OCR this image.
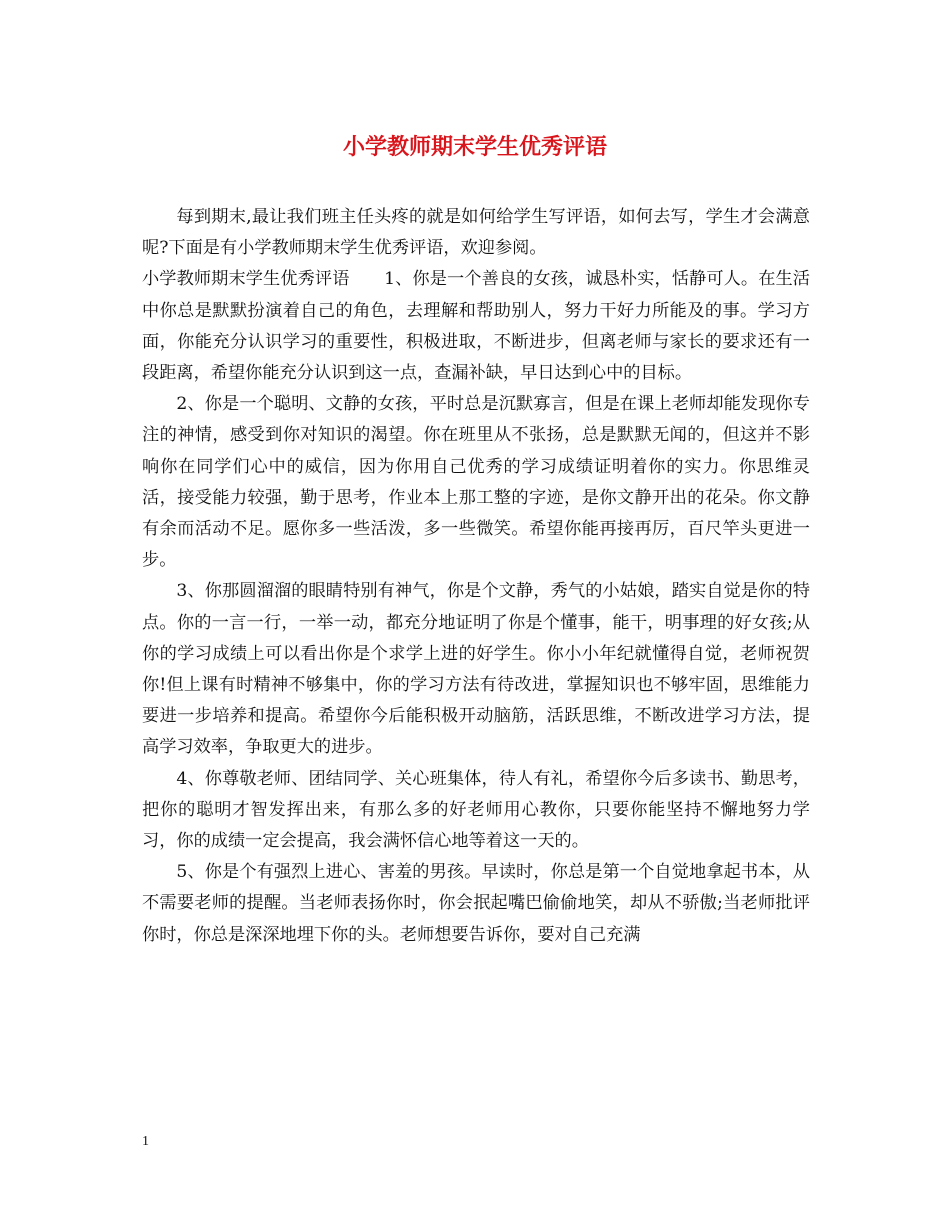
小学教师期末学生优秀评语

每到期末,最让我们班主任头疼的就是如何给学生写评语，如何去写，学生才会满意呢?下面是有小学教师期末学生优秀评语，欢迎参阅。

小学教师期末学生优秀评语　　1、你是一个善良的女孩，诚恳朴实，恬静可人。在生活中你总是默默扮演着自己的角色，去理解和帮助别人，努力干好力所能及的事。学习方面，你能充分认识学习的重要性，积极进取，不断进步，但离老师与家长的要求还有一段距离，希望你能充分认识到这一点，查漏补缺，早日达到心中的目标。

2、你是一个聪明、文静的女孩，平时总是沉默寡言，但是在课上老师却能发现你专注的神情，感受到你对知识的渴望。你在班里从不张扬，总是默默无闻的，但这并不影响你在同学们心中的威信，因为你用自己优秀的学习成绩证明着你的实力。你思维灵活，接受能力较强，勤于思考，作业本上那工整的字迹，是你文静开出的花朵。你文静有余而活动不足。愿你多一些活泼，多一些微笑。希望你能再接再厉，百尺竿头更进一步。

3、你那圆溜溜的眼睛特别有神气，你是个文静，秀气的小姑娘，踏实自觉是你的特点。你的一言一行，一举一动，都充分地证明了你是个懂事，能干，明事理的好女孩;从你的学习成绩上可以看出你是个求学上进的好学生。你小小年纪就懂得自觉，老师祝贺你!但上课有时精神不够集中，你的学习方法有待改进，掌握知识也不够牢固，思维能力要进一步培养和提高。希望你今后能积极开动脑筋，活跃思维，不断改进学习方法，提高学习效率，争取更大的进步。

4、你尊敬老师、团结同学、关心班集体，待人有礼，希望你今后多读书、勤思考，把你的聪明才智发挥出来，有那么多的好老师用心教你，只要你能坚持不懈地努力学习，你的成绩一定会提高，我会满怀信心地等着这一天的。

5、你是个有强烈上进心、害羞的男孩。早读时，你总是第一个自觉地拿起书本，从不需要老师的提醒。当老师表扬你时，你会抿起嘴巴偷偷地笑，却从不骄傲;当老师批评你时，你总是深深地埋下你的头。老师想要告诉你，要对自己充满

1
